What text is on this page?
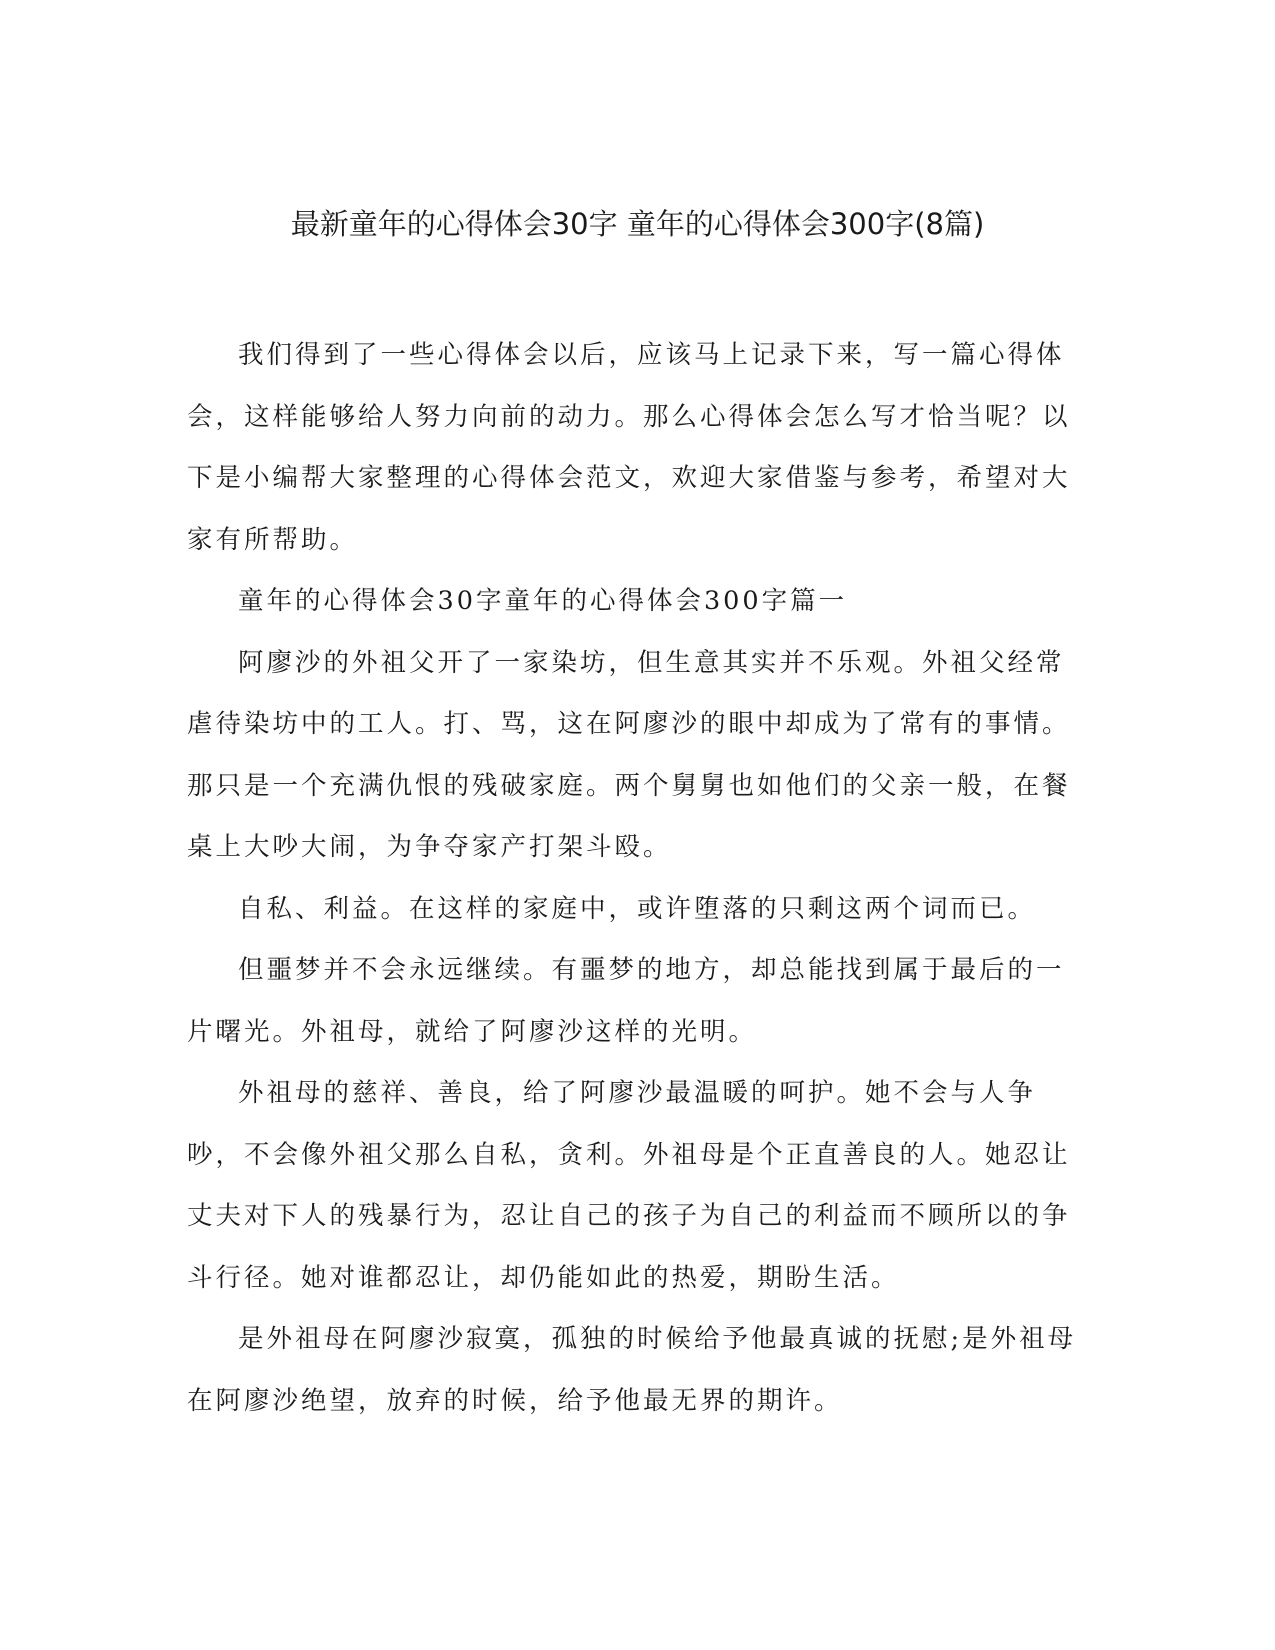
最新童年的心得体会30字 童年的心得体会300字(8篇)

我们得到了一些心得体会以后，应该马上记录下来，写一篇心得体会，这样能够给人努力向前的动力。那么心得体会怎么写才恰当呢？以下是小编帮大家整理的心得体会范文，欢迎大家借鉴与参考，希望对大家有所帮助。

童年的心得体会30字童年的心得体会300字篇一

阿廖沙的外祖父开了一家染坊，但生意其实并不乐观。外祖父经常虐待染坊中的工人。打、骂，这在阿廖沙的眼中却成为了常有的事情。那只是一个充满仇恨的残破家庭。两个舅舅也如他们的父亲一般，在餐桌上大吵大闹，为争夺家产打架斗殴。

自私、利益。在这样的家庭中，或许堕落的只剩这两个词而已。

但噩梦并不会永远继续。有噩梦的地方，却总能找到属于最后的一片曙光。外祖母，就给了阿廖沙这样的光明。

外祖母的慈祥、善良，给了阿廖沙最温暖的呵护。她不会与人争吵，不会像外祖父那么自私，贪利。外祖母是个正直善良的人。她忍让丈夫对下人的残暴行为，忍让自己的孩子为自己的利益而不顾所以的争斗行径。她对谁都忍让，却仍能如此的热爱，期盼生活。

是外祖母在阿廖沙寂寞，孤独的时候给予他最真诚的抚慰;是外祖母在阿廖沙绝望，放弃的时候，给予他最无界的期许。
